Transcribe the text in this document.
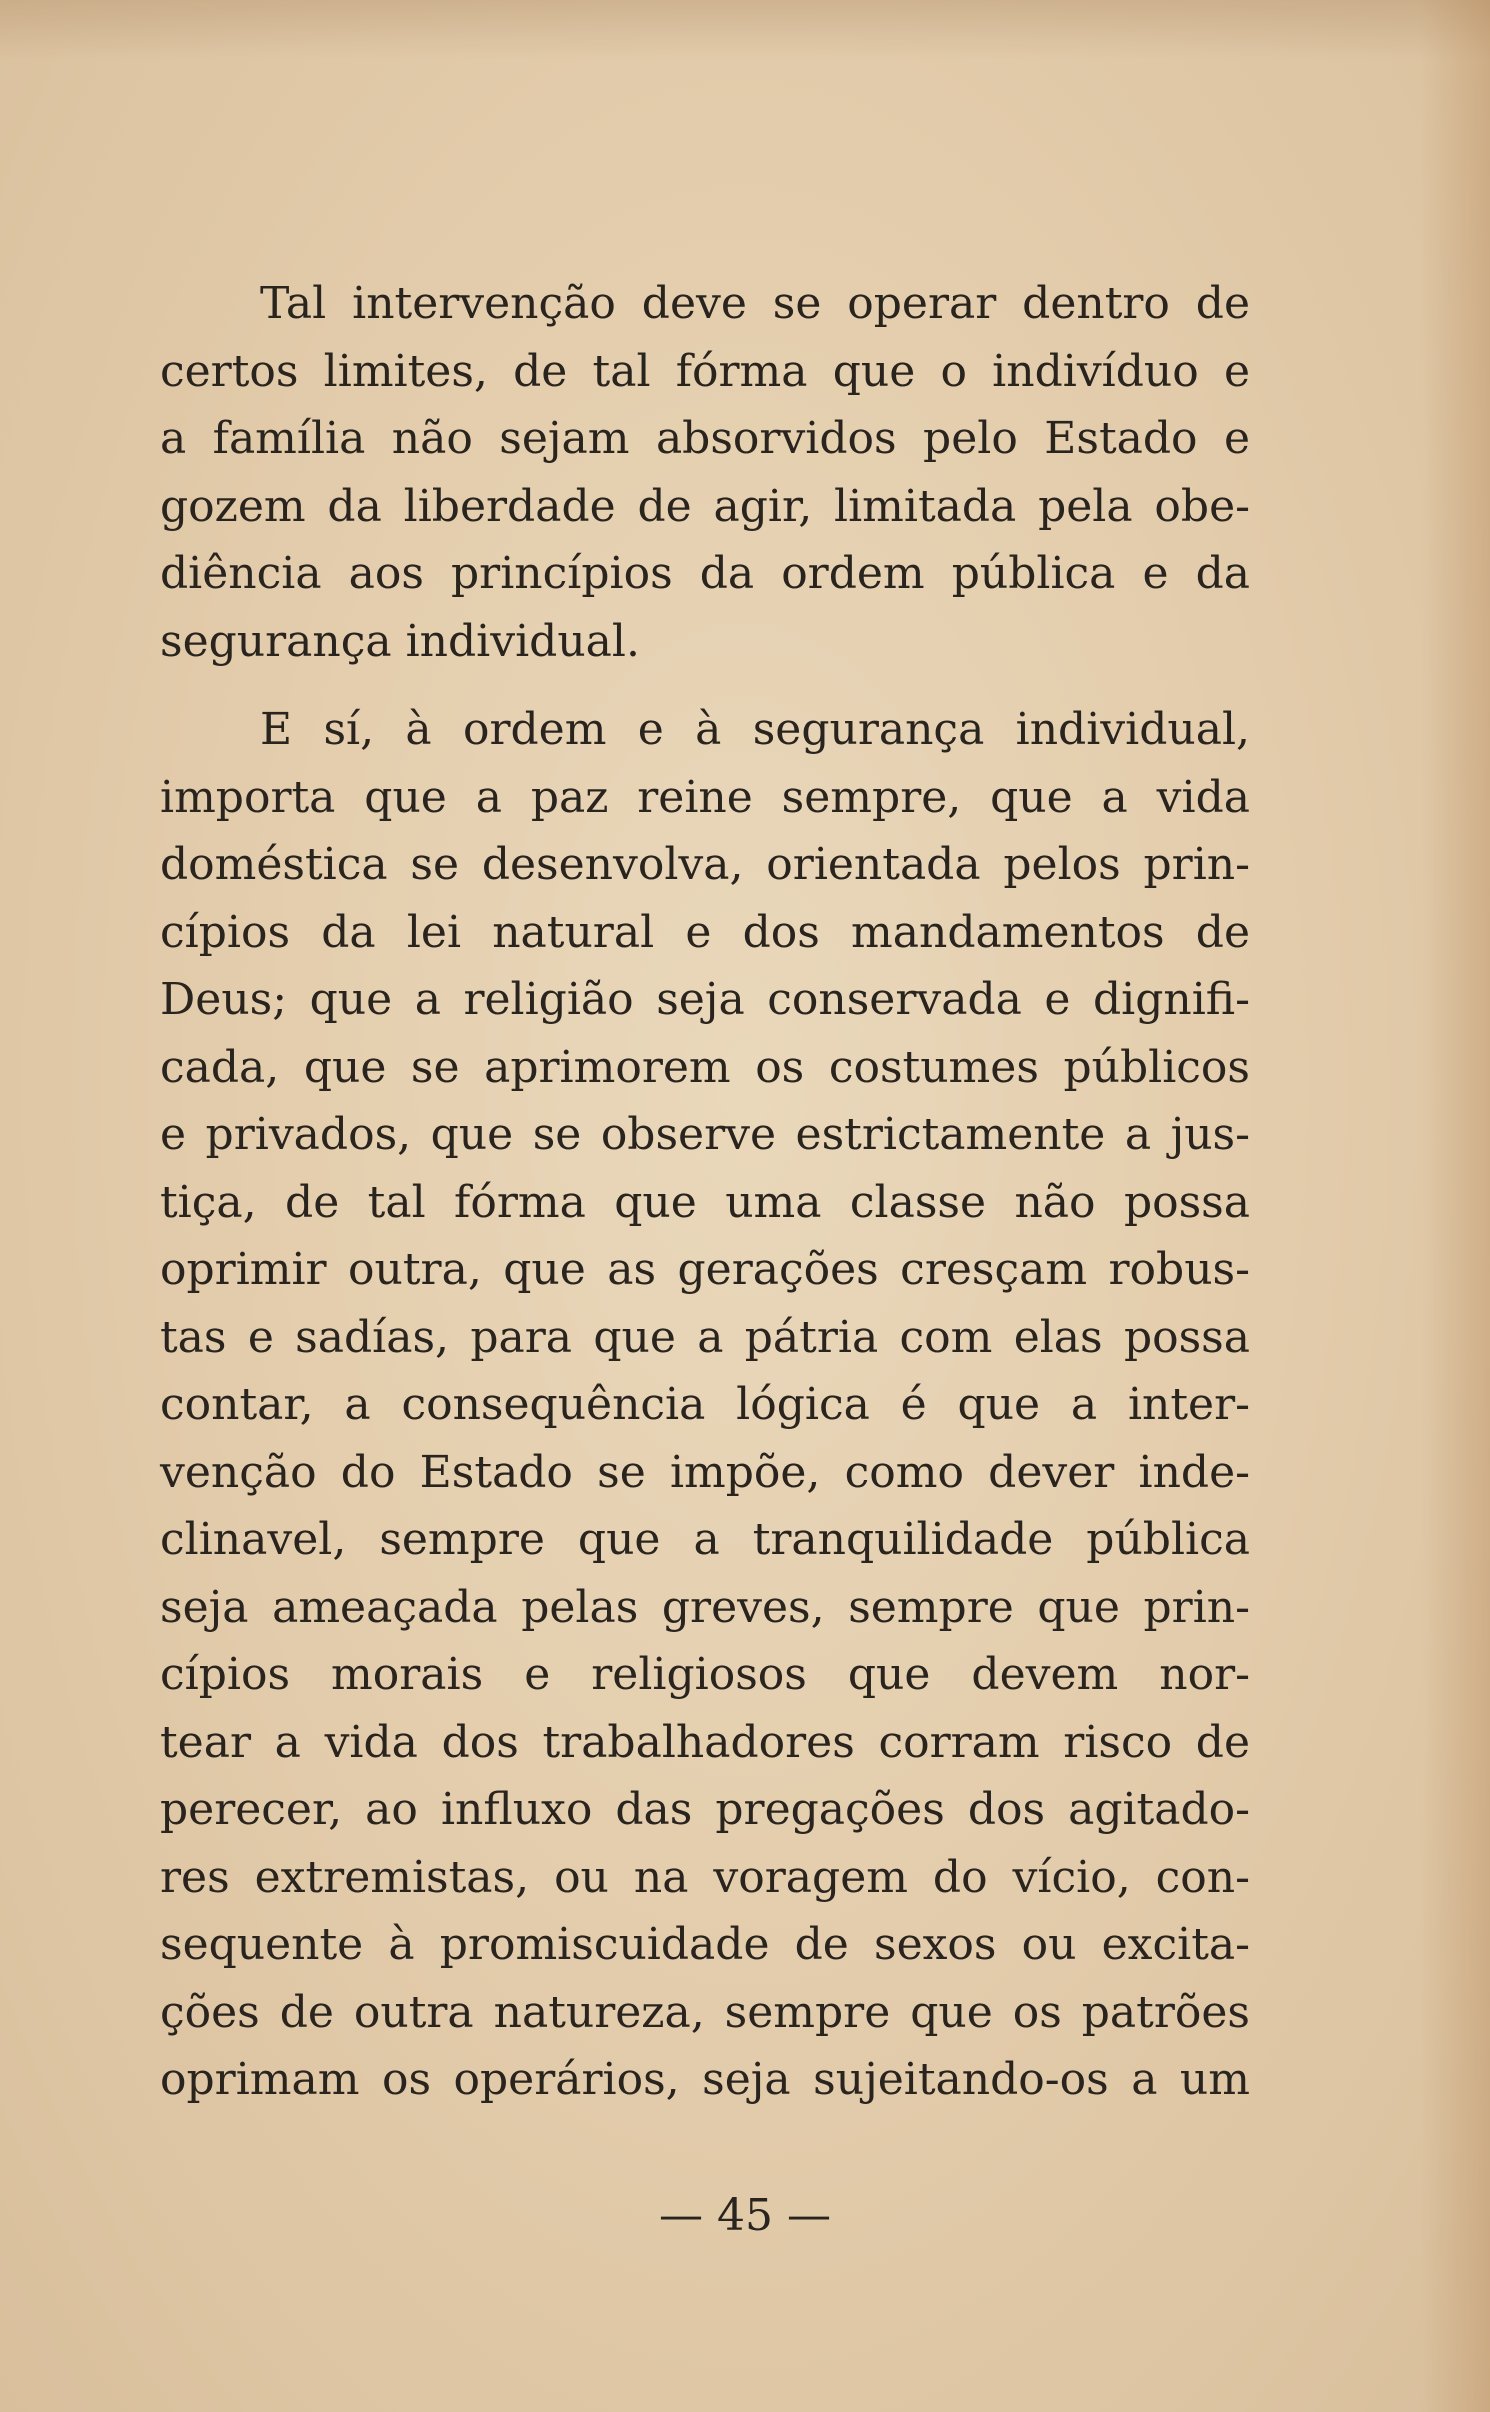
Tal intervenção deve se operar dentro de
certos limites, de tal fórma que o indivíduo e
a família não sejam absorvidos pelo Estado e
gozem da liberdade de agir, limitada pela obe-
diência aos princípios da ordem pública e da
segurança individual.
E sí, à ordem e à segurança individual,
importa que a paz reine sempre, que a vida
doméstica se desenvolva, orientada pelos prin-
cípios da lei natural e dos mandamentos de
Deus; que a religião seja conservada e dignifi-
cada, que se aprimorem os costumes públicos
e privados, que se observe estrictamente a jus-
tiça, de tal fórma que uma classe não possa
oprimir outra, que as gerações cresçam robus-
tas e sadías, para que a pátria com elas possa
contar, a consequência lógica é que a inter-
venção do Estado se impõe, como dever inde-
clinavel, sempre que a tranquilidade pública
seja ameaçada pelas greves, sempre que prin-
cípios morais e religiosos que devem nor-
tear a vida dos trabalhadores corram risco de
perecer, ao influxo das pregações dos agitado-
res extremistas, ou na voragem do vício, con-
sequente à promiscuidade de sexos ou excita-
ções de outra natureza, sempre que os patrões
oprimam os operários, seja sujeitando-os a um
— 45 —
